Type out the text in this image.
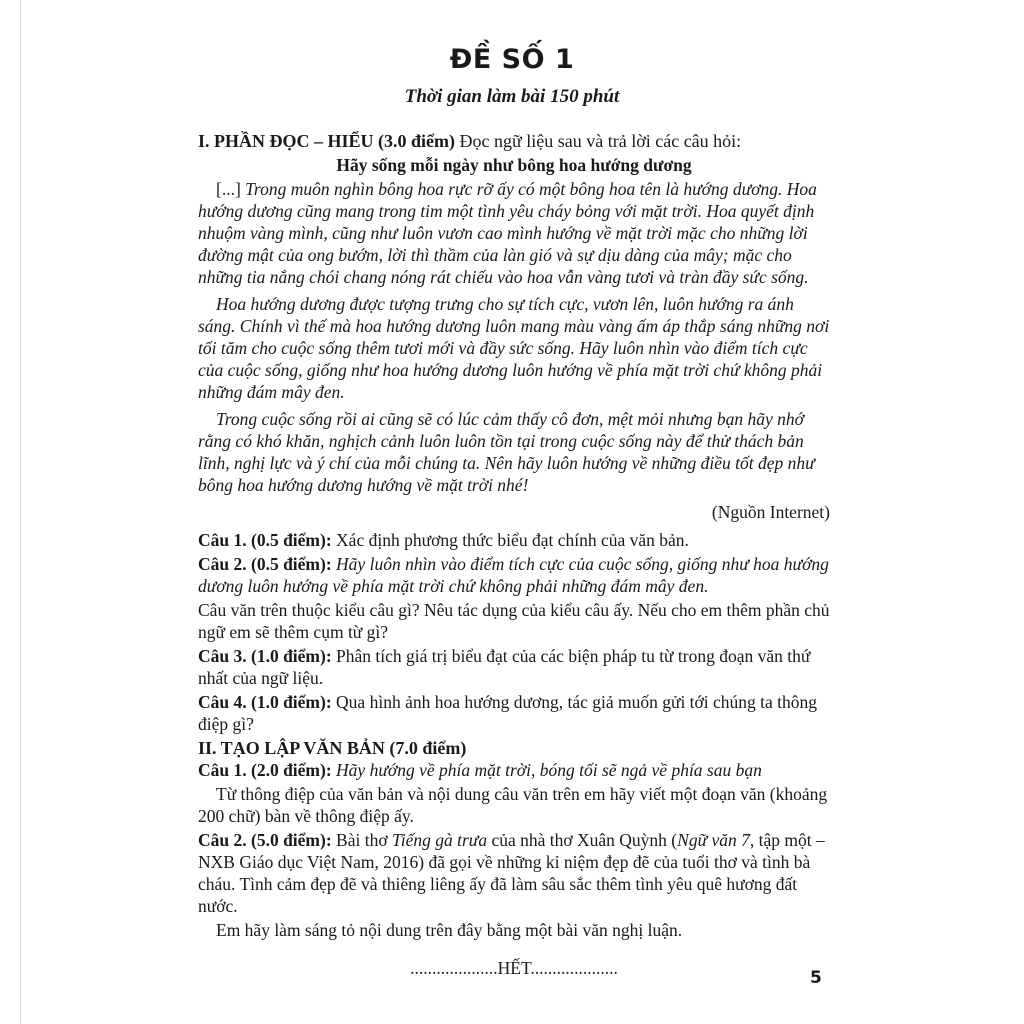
ĐỀ SỐ 1
Thời gian làm bài 150 phút

I. PHẦN ĐỌC – HIỂU (3.0 điểm) Đọc ngữ liệu sau và trả lời các câu hỏi:

Hãy sống mỗi ngày như bông hoa hướng dương

[...] Trong muôn nghìn bông hoa rực rỡ ấy có một bông hoa tên là hướng dương. Hoa hướng dương cũng mang trong tim một tình yêu cháy bỏng với mặt trời. Hoa quyết định nhuộm vàng mình, cũng như luôn vươn cao mình hướng về mặt trời mặc cho những lời đường mật của ong bướm, lời thì thầm của làn gió và sự dịu dàng của mây; mặc cho những tia nắng chói chang nóng rát chiếu vào hoa vẫn vàng tươi và tràn đầy sức sống.

Hoa hướng dương được tượng trưng cho sự tích cực, vươn lên, luôn hướng ra ánh sáng. Chính vì thế mà hoa hướng dương luôn mang màu vàng ấm áp thắp sáng những nơi tối tăm cho cuộc sống thêm tươi mới và đầy sức sống. Hãy luôn nhìn vào điểm tích cực của cuộc sống, giống như hoa hướng dương luôn hướng về phía mặt trời chứ không phải những đám mây đen.

Trong cuộc sống rồi ai cũng sẽ có lúc cảm thấy cô đơn, mệt mỏi nhưng bạn hãy nhớ rằng có khó khăn, nghịch cảnh luôn luôn tồn tại trong cuộc sống này để thử thách bản lĩnh, nghị lực và ý chí của mỗi chúng ta. Nên hãy luôn hướng về những điều tốt đẹp như bông hoa hướng dương hướng về mặt trời nhé!

(Nguồn Internet)

Câu 1. (0.5 điểm): Xác định phương thức biểu đạt chính của văn bản.

Câu 2. (0.5 điểm): Hãy luôn nhìn vào điểm tích cực của cuộc sống, giống như hoa hướng dương luôn hướng về phía mặt trời chứ không phải những đám mây đen.

Câu văn trên thuộc kiểu câu gì? Nêu tác dụng của kiểu câu ấy. Nếu cho em thêm phần chủ ngữ em sẽ thêm cụm từ gì?

Câu 3. (1.0 điểm): Phân tích giá trị biểu đạt của các biện pháp tu từ trong đoạn văn thứ nhất của ngữ liệu.

Câu 4. (1.0 điểm): Qua hình ảnh hoa hướng dương, tác giả muốn gửi tới chúng ta thông điệp gì?

II. TẠO LẬP VĂN BẢN (7.0 điểm)

Câu 1. (2.0 điểm): Hãy hướng về phía mặt trời, bóng tối sẽ ngả về phía sau bạn

Từ thông điệp của văn bản và nội dung câu văn trên em hãy viết một đoạn văn (khoảng 200 chữ) bàn về thông điệp ấy.

Câu 2. (5.0 điểm): Bài thơ Tiếng gà trưa của nhà thơ Xuân Quỳnh (Ngữ văn 7, tập một – NXB Giáo dục Việt Nam, 2016) đã gọi về những kỉ niệm đẹp đẽ của tuổi thơ và tình bà cháu. Tình cảm đẹp đẽ và thiêng liêng ấy đã làm sâu sắc thêm tình yêu quê hương đất nước.

Em hãy làm sáng tỏ nội dung trên đây bằng một bài văn nghị luận.

....................HẾT....................	5
